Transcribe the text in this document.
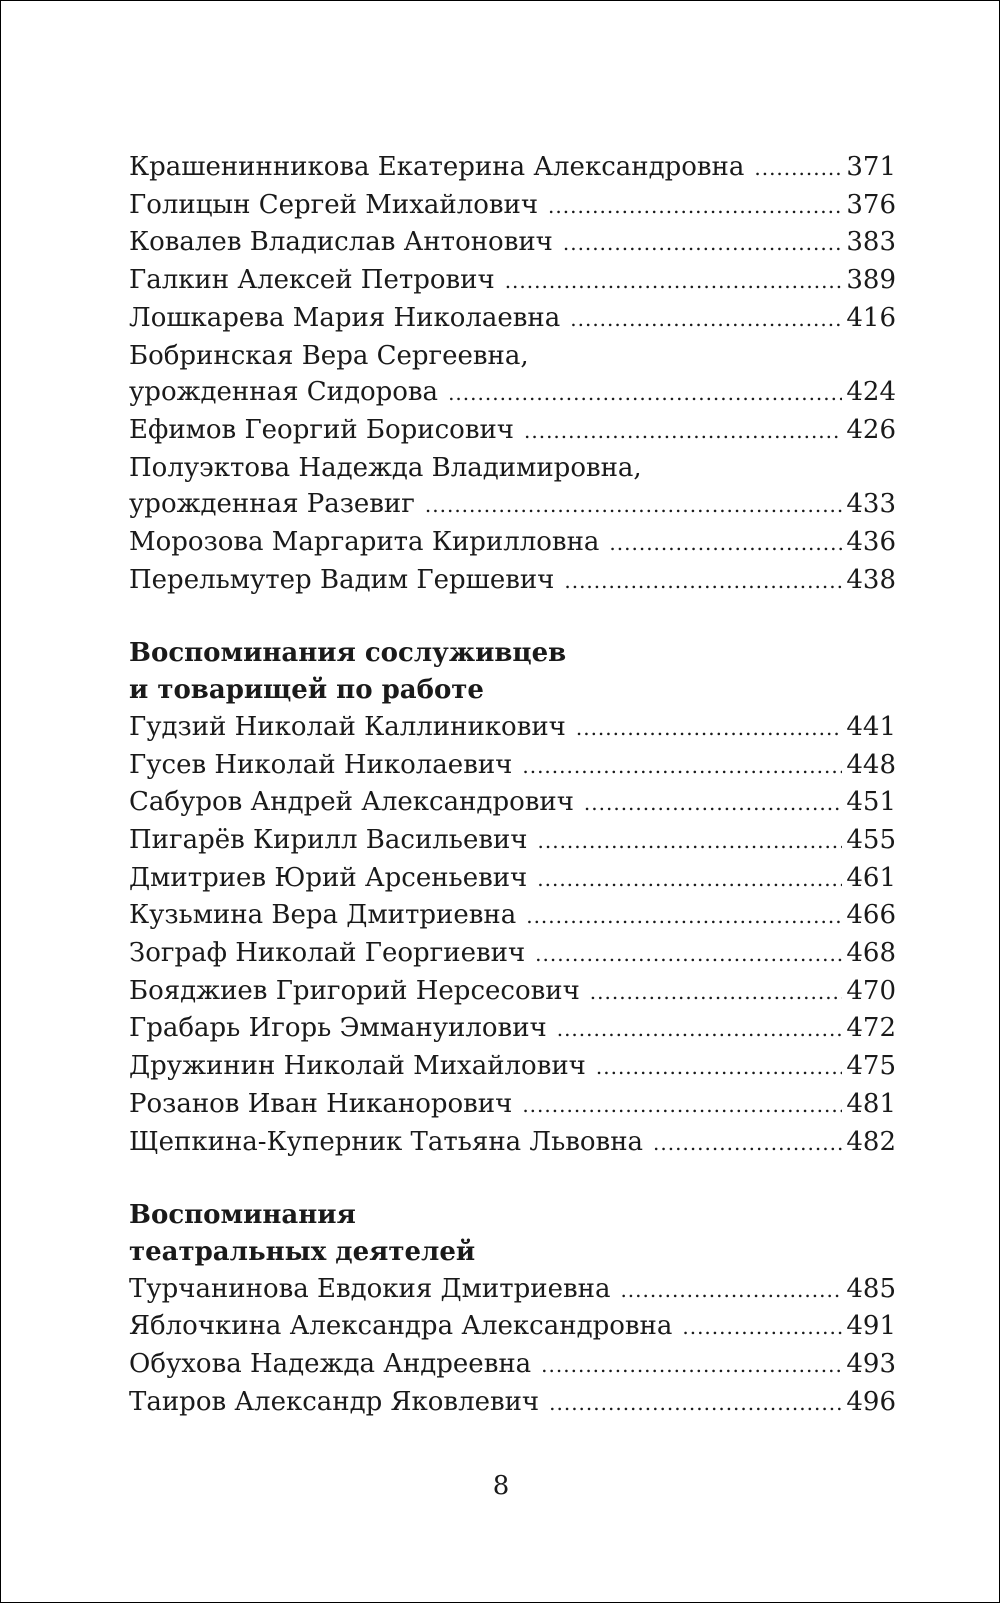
Крашенинникова Екатерина Александровна .....	371
Голицын Сергей Михайлович .....	376
Ковалев Владислав Антонович .....	383
Галкин Алексей Петрович .....	389
Лошкарева Мария Николаевна .....	416
Бобринская Вера Сергеевна,
урожденная Сидорова .....	424
Ефимов Георгий Борисович .....	426
Полуэктова Надежда Владимировна,
урожденная Разевиг .....	433
Морозова Маргарита Кирилловна .....	436
Перельмутер Вадим Гершевич .....	438
Воспоминания сослуживцев
и товарищей по работе
Гудзий Николай Каллиникович .....	441
Гусев Николай Николаевич .....	448
Сабуров Андрей Александрович .....	451
Пигарёв Кирилл Васильевич .....	455
Дмитриев Юрий Арсеньевич .....	461
Кузьмина Вера Дмитриевна .....	466
Зограф Николай Георгиевич .....	468
Бояджиев Григорий Нерсесович .....	470
Грабарь Игорь Эммануилович .....	472
Дружинин Николай Михайлович .....	475
Розанов Иван Никанорович .....	481
Щепкина-Куперник Татьяна Львовна .....	482
Воспоминания
театральных деятелей
Турчанинова Евдокия Дмитриевна .....	485
Яблочкина Александра Александровна .....	491
Обухова Надежда Андреевна .....	493
Таиров Александр Яковлевич .....	496
8
